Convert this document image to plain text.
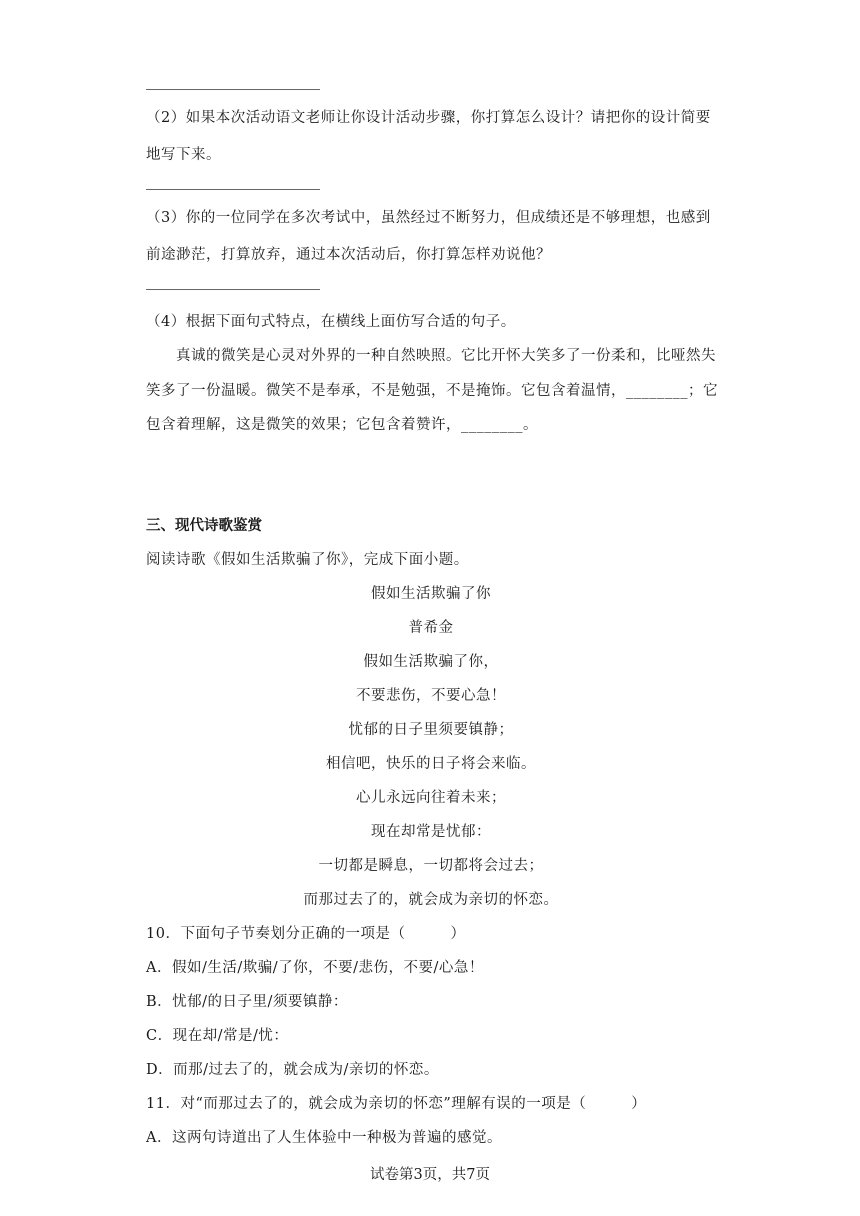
（2）如果本次活动语文老师让你设计活动步骤，你打算怎么设计？请把你的设计简要
地写下来。
（3）你的一位同学在多次考试中，虽然经过不断努力，但成绩还是不够理想，也感到
前途渺茫，打算放弃，通过本次活动后，你打算怎样劝说他？
（4）根据下面句式特点，在横线上面仿写合适的句子。
真诚的微笑是心灵对外界的一种自然映照。它比开怀大笑多了一份柔和，比哑然失
笑多了一份温暖。微笑不是奉承，不是勉强，不是掩饰。它包含着温情，________；它
包含着理解，这是微笑的效果；它包含着赞许，________。
三、现代诗歌鉴赏
阅读诗歌《假如生活欺骗了你》，完成下面小题。
假如生活欺骗了你
普希金
假如生活欺骗了你，
不要悲伤，不要心急！
忧郁的日子里须要镇静；
相信吧，快乐的日子将会来临。
心儿永远向往着未来；
现在却常是忧郁：
一切都是瞬息，一切都将会过去；
而那过去了的，就会成为亲切的怀恋。
10．下面句子节奏划分正确的一项是（　　　）
A．假如/生活/欺骗/了你，不要/悲伤，不要/心急！
B．忧郁/的日子里/须要镇静：
C．现在却/常是/忧：
D．而那/过去了的，就会成为/亲切的怀恋。
11．对“而那过去了的，就会成为亲切的怀恋”理解有误的一项是（　　　）
A．这两句诗道出了人生体验中一种极为普遍的感觉。
试卷第3页，共7页
